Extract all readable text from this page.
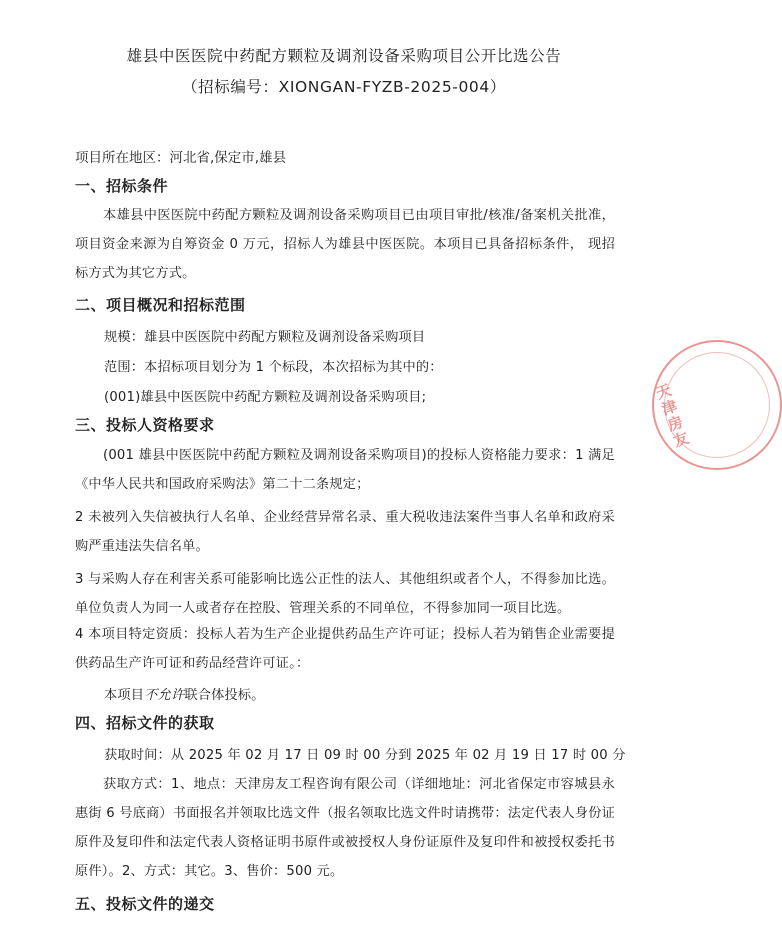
雄县中医医院中药配方颗粒及调剂设备采购项目公开比选公告
（招标编号：XIONGAN-FYZB-2025-004）
项目所在地区：河北省,保定市,雄县
一、招标条件
本雄县中医医院中药配方颗粒及调剂设备采购项目已由项目审批/核准/备案机关批准，项目资金来源为自筹资金 0 万元，招标人为雄县中医医院。本项目已具备招标条件， 现招标方式为其它方式。
二、项目概况和招标范围
规模：雄县中医医院中药配方颗粒及调剂设备采购项目
范围：本招标项目划分为 1 个标段，本次招标为其中的：
(001)雄县中医医院中药配方颗粒及调剂设备采购项目;
三、投标人资格要求
(001 雄县中医医院中药配方颗粒及调剂设备采购项目)的投标人资格能力要求：1 满足《中华人民共和国政府采购法》第二十二条规定；
2 未被列入失信被执行人名单、企业经营异常名录、重大税收违法案件当事人名单和政府采购严重违法失信名单。
3 与采购人存在利害关系可能影响比选公正性的法人、其他组织或者个人，不得参加比选。单位负责人为同一人或者存在控股、管理关系的不同单位，不得参加同一项目比选。
4 本项目特定资质：投标人若为生产企业提供药品生产许可证；投标人若为销售企业需要提供药品生产许可证和药品经营许可证。：
本项目不允许联合体投标。
四、招标文件的获取
获取时间：从 2025 年 02 月 17 日 09 时 00 分到 2025 年 02 月 19 日 17 时 00 分
获取方式：1、地点：天津房友工程咨询有限公司（详细地址：河北省保定市容城县永惠街 6 号底商）书面报名并领取比选文件（报名领取比选文件时请携带：法定代表人身份证原件及复印件和法定代表人资格证明书原件或被授权人身份证原件及复印件和被授权委托书原件）。2、方式：其它。3、售价：500 元。
五、投标文件的递交
天津房友
